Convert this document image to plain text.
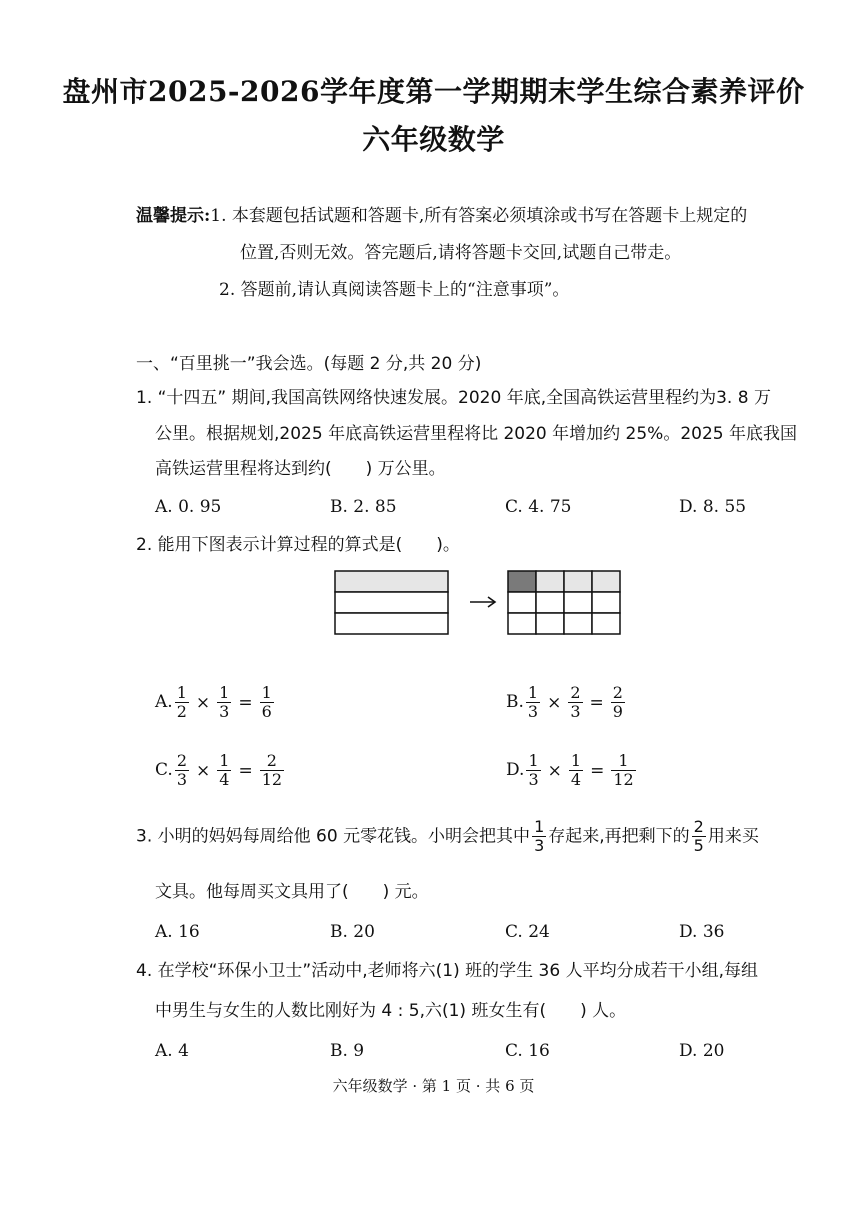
盘州市2025-2026学年度第一学期期末学生综合素养评价
六年级数学
温馨提示:1. 本套题包括试题和答题卡,所有答案必须填涂或书写在答题卡上规定的
位置,否则无效。答完题后,请将答题卡交回,试题自己带走。
2. 答题前,请认真阅读答题卡上的“注意事项”。
一、“百里挑一”我会选。(每题 2 分,共 20 分)
1. “十四五” 期间,我国高铁网络快速发展。2020 年底,全国高铁运营里程约为3. 8 万
公里。根据规划,2025 年底高铁运营里程将比 2020 年增加约 25%。2025 年底我国
高铁运营里程将达到约(　　) 万公里。
A. 0. 95	B. 2. 85	C. 4. 75	D. 8. 55
2. 能用下图表示计算过程的算式是(　　)。
A. $\frac{1}{2} \times \frac{1}{3} = \frac{1}{6}$	B. $\frac{1}{3} \times \frac{2}{3} = \frac{2}{9}$
C. $\frac{2}{3} \times \frac{1}{4} = \frac{2}{12}$	D. $\frac{1}{3} \times \frac{1}{4} = \frac{1}{12}$
3. 小明的妈妈每周给他 60 元零花钱。小明会把其中 $\frac{1}{3}$ 存起来,再把剩下的 $\frac{2}{5}$ 用来买
文具。他每周买文具用了(　　) 元。
A. 16	B. 20	C. 24	D. 36
4. 在学校“环保小卫士”活动中,老师将六(1) 班的学生 36 人平均分成若干小组,每组
中男生与女生的人数比刚好为 4 : 5,六(1) 班女生有(　　) 人。
A. 4	B. 9	C. 16	D. 20
六年级数学 · 第 1 页 · 共 6 页
